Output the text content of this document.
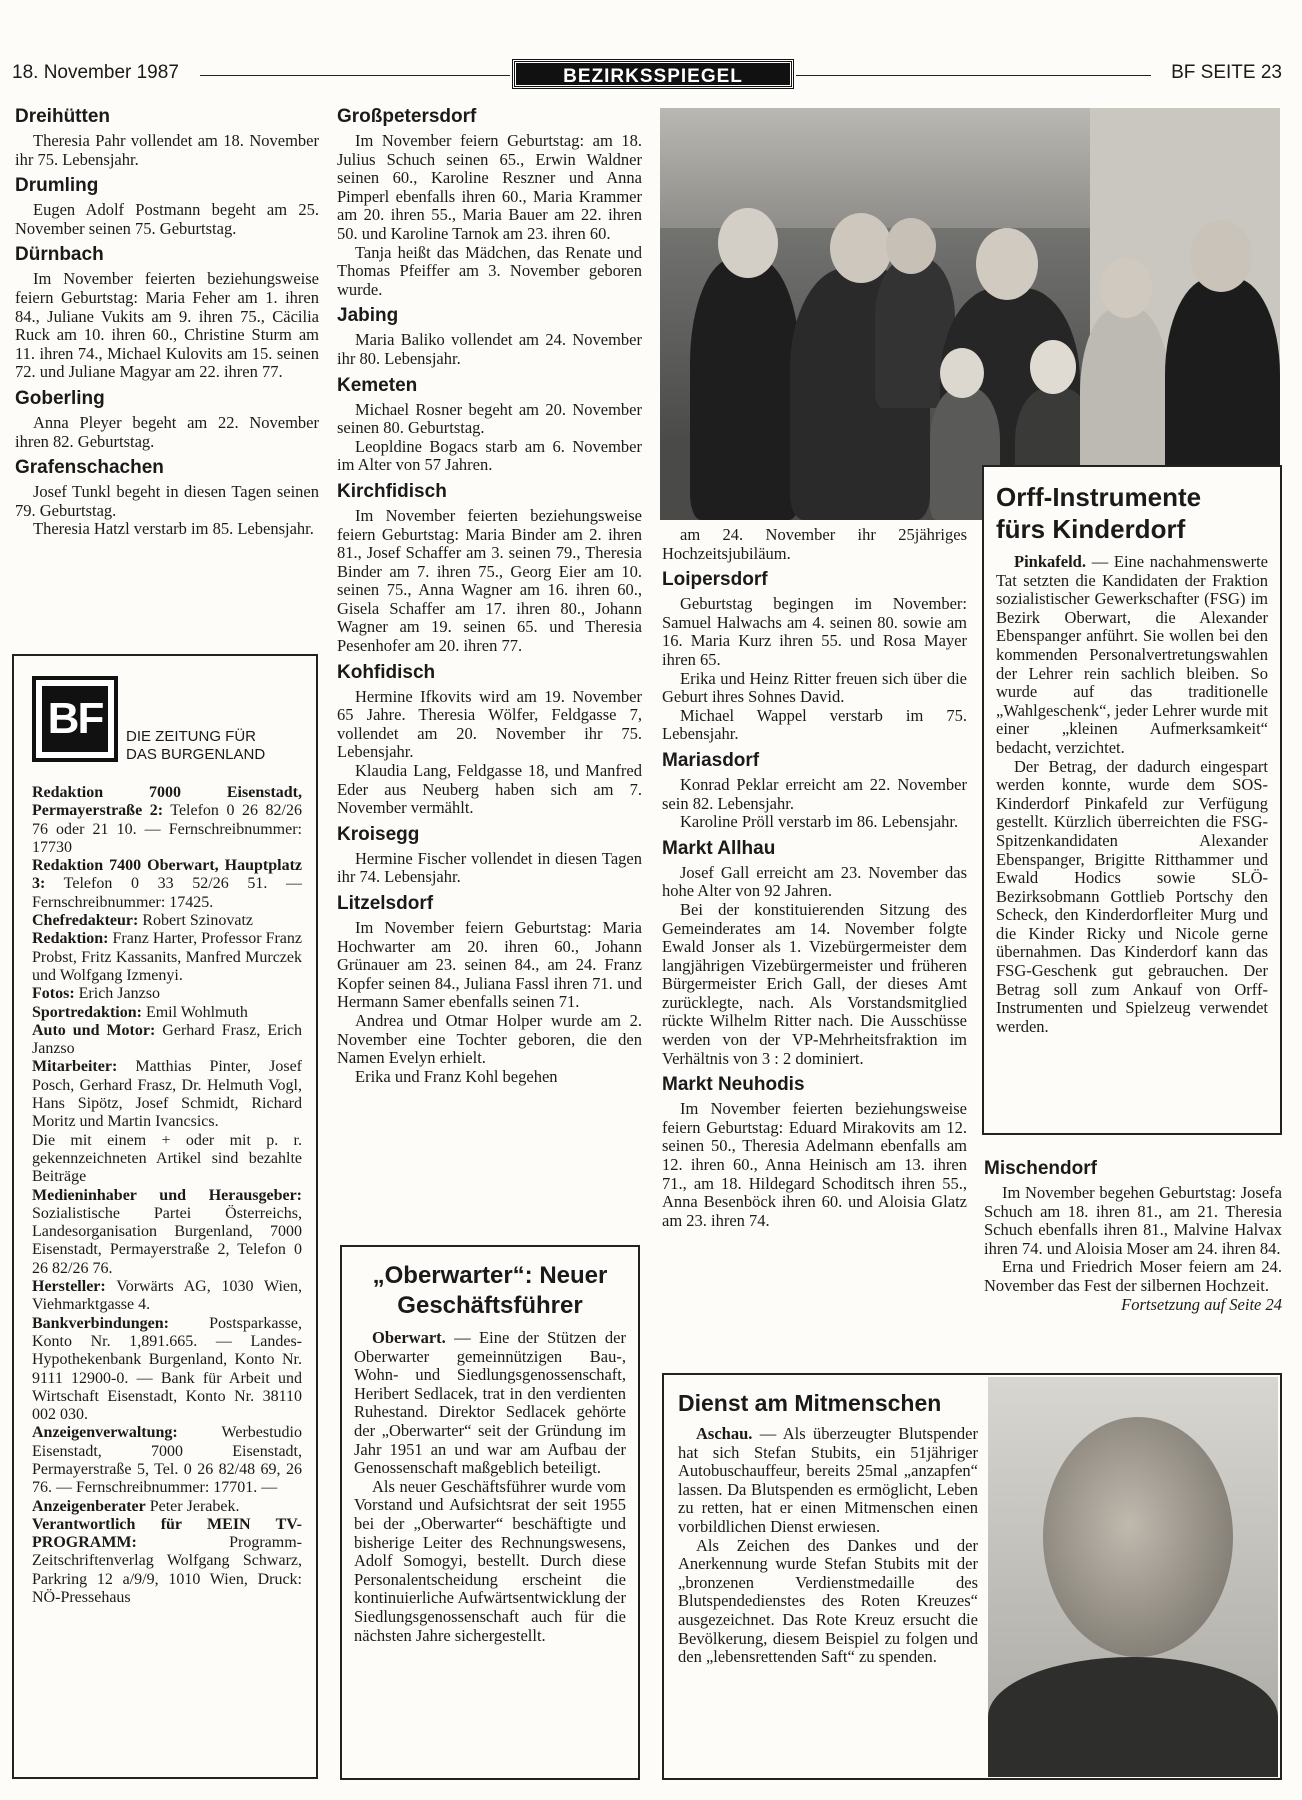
18. November 1987	BEZIRKSSPIEGEL	BF SEITE 23
Dreihütten

Theresia Pahr vollendet am 18. November ihr 75. Lebensjahr.

Drumling

Eugen Adolf Postmann begeht am 25. November seinen 75. Geburtstag.

Dürnbach

Im November feierten beziehungsweise feiern Geburtstag: Maria Feher am 1. ihren 84., Juliane Vukits am 9. ihren 75., Cäcilia Ruck am 10. ihren 60., Christine Sturm am 11. ihren 74., Michael Kulovits am 15. seinen 72. und Juliane Magyar am 22. ihren 77.

Goberling

Anna Pleyer begeht am 22. November ihren 82. Geburtstag.

Grafenschachen

Josef Tunkl begeht in diesen Tagen seinen 79. Geburtstag.

Theresia Hatzl verstarb im 85. Lebensjahr.

BF	DIE ZEITUNG FÜR
DAS BURGENLAND

Redaktion 7000 Eisenstadt, Permayerstraße 2: Telefon 0 26 82/26 76 oder 21 10. — Fernschreibnummer: 17730

Redaktion 7400 Oberwart, Hauptplatz 3: Telefon 0 33 52/26 51. — Fernschreibnummer: 17425.

Chefredakteur: Robert Szinovatz

Redaktion: Franz Harter, Professor Franz Probst, Fritz Kassanits, Manfred Murczek und Wolfgang Izmenyi.

Fotos: Erich Janzso

Sportredaktion: Emil Wohlmuth

Auto und Motor: Gerhard Frasz, Erich Janzso

Mitarbeiter: Matthias Pinter, Josef Posch, Gerhard Frasz, Dr. Helmuth Vogl, Hans Sipötz, Josef Schmidt, Richard Moritz und Martin Ivancsics.

Die mit einem + oder mit p. r. gekennzeichneten Artikel sind bezahlte Beiträge

Medieninhaber und Herausgeber: Sozialistische Partei Österreichs, Landesorganisation Burgenland, 7000 Eisenstadt, Permayerstraße 2, Telefon 0 26 82/26 76.

Hersteller: Vorwärts AG, 1030 Wien, Viehmarktgasse 4.

Bankverbindungen: Postsparkasse, Konto Nr. 1,891.665. — Landes-Hypothekenbank Burgenland, Konto Nr. 9111 12900-0. — Bank für Arbeit und Wirtschaft Eisenstadt, Konto Nr. 38110 002 030.

Anzeigenverwaltung: Werbestudio Eisenstadt, 7000 Eisenstadt, Permayerstraße 5, Tel. 0 26 82/48 69, 26 76. — Fernschreibnummer: 17701. —

Anzeigenberater Peter Jerabek.

Verantwortlich für MEIN TV-PROGRAMM: Programm-Zeitschriftenverlag Wolfgang Schwarz, Parkring 12 a/9/9, 1010 Wien, Druck: NÖ-Pressehaus

Großpetersdorf

Im November feiern Geburtstag: am 18. Julius Schuch seinen 65., Erwin Waldner seinen 60., Karoline Reszner und Anna Pimperl ebenfalls ihren 60., Maria Krammer am 20. ihren 55., Maria Bauer am 22. ihren 50. und Karoline Tarnok am 23. ihren 60.

Tanja heißt das Mädchen, das Renate und Thomas Pfeiffer am 3. November geboren wurde.

Jabing

Maria Baliko vollendet am 24. November ihr 80. Lebensjahr.

Kemeten

Michael Rosner begeht am 20. November seinen 80. Geburtstag.

Leopldine Bogacs starb am 6. November im Alter von 57 Jahren.

Kirchfidisch

Im November feierten beziehungsweise feiern Geburtstag: Maria Binder am 2. ihren 81., Josef Schaffer am 3. seinen 79., Theresia Binder am 7. ihren 75., Georg Eier am 10. seinen 75., Anna Wagner am 16. ihren 60., Gisela Schaffer am 17. ihren 80., Johann Wagner am 19. seinen 65. und Theresia Pesenhofer am 20. ihren 77.

Kohfidisch

Hermine Ifkovits wird am 19. November 65 Jahre. Theresia Wölfer, Feldgasse 7, vollendet am 20. November ihr 75. Lebensjahr.

Klaudia Lang, Feldgasse 18, und Manfred Eder aus Neuberg haben sich am 7. November vermählt.

Kroisegg

Hermine Fischer vollendet in diesen Tagen ihr 74. Lebensjahr.

Litzelsdorf

Im November feiern Geburtstag: Maria Hochwarter am 20. ihren 60., Johann Grünauer am 23. seinen 84., am 24. Franz Kopfer seinen 84., Juliana Fassl ihren 71. und Hermann Samer ebenfalls seinen 71.

Andrea und Otmar Holper wurde am 2. November eine Tochter geboren, die den Namen Evelyn erhielt.

Erika und Franz Kohl begehen

„Oberwarter“: Neuer
Geschäftsführer

Oberwart. — Eine der Stützen der Oberwarter gemeinnützigen Bau-, Wohn- und Siedlungsgenossenschaft, Heribert Sedlacek, trat in den verdienten Ruhestand. Direktor Sedlacek gehörte der „Oberwarter“ seit der Gründung im Jahr 1951 an und war am Aufbau der Genossenschaft maßgeblich beteiligt.

Als neuer Geschäftsführer wurde vom Vorstand und Aufsichtsrat der seit 1955 bei der „Oberwarter“ beschäftigte und bisherige Leiter des Rechnungswesens, Adolf Somogyi, bestellt. Durch diese Personalentscheidung erscheint die kontinuierliche Aufwärtsentwicklung der Siedlungsgenossenschaft auch für die nächsten Jahre sichergestellt.

am 24. November ihr 25jähriges Hochzeitsjubiläum.

Loipersdorf

Geburtstag begingen im November: Samuel Halwachs am 4. seinen 80. sowie am 16. Maria Kurz ihren 55. und Rosa Mayer ihren 65.

Erika und Heinz Ritter freuen sich über die Geburt ihres Sohnes David.

Michael Wappel verstarb im 75. Lebensjahr.

Mariasdorf

Konrad Peklar erreicht am 22. November sein 82. Lebensjahr.

Karoline Pröll verstarb im 86. Lebensjahr.

Markt Allhau

Josef Gall erreicht am 23. November das hohe Alter von 92 Jahren.

Bei der konstituierenden Sitzung des Gemeinderates am 14. November folgte Ewald Jonser als 1. Vizebürgermeister dem langjährigen Vizebürgermeister und früheren Bürgermeister Erich Gall, der dieses Amt zurücklegte, nach. Als Vorstandsmitglied rückte Wilhelm Ritter nach. Die Ausschüsse werden von der VP-Mehrheitsfraktion im Verhältnis von 3 : 2 dominiert.

Markt Neuhodis

Im November feierten beziehungsweise feiern Geburtstag: Eduard Mirakovits am 12. seinen 50., Theresia Adelmann ebenfalls am 12. ihren 60., Anna Heinisch am 13. ihren 71., am 18. Hildegard Schoditsch ihren 55., Anna Besenböck ihren 60. und Aloisia Glatz am 23. ihren 74.

Orff-Instrumente
fürs Kinderdorf

Pinkafeld. — Eine nachahmenswerte Tat setzten die Kandidaten der Fraktion sozialistischer Gewerkschafter (FSG) im Bezirk Oberwart, die Alexander Ebenspanger anführt. Sie wollen bei den kommenden Personalvertretungswahlen der Lehrer rein sachlich bleiben. So wurde auf das traditionelle „Wahlgeschenk“, jeder Lehrer wurde mit einer „kleinen Aufmerksamkeit“ bedacht, verzichtet.

Der Betrag, der dadurch eingespart werden konnte, wurde dem SOS-Kinderdorf Pinkafeld zur Verfügung gestellt. Kürzlich überreichten die FSG-Spitzenkandidaten Alexander Ebenspanger, Brigitte Ritthammer und Ewald Hodics sowie SLÖ-Bezirksobmann Gottlieb Portschy den Scheck, den Kinderdorfleiter Murg und die Kinder Ricky und Nicole gerne übernahmen. Das Kinderdorf kann das FSG-Geschenk gut gebrauchen. Der Betrag soll zum Ankauf von Orff-Instrumenten und Spielzeug verwendet werden.

Mischendorf

Im November begehen Geburtstag: Josefa Schuch am 18. ihren 81., am 21. Theresia Schuch ebenfalls ihren 81., Malvine Halvax ihren 74. und Aloisia Moser am 24. ihren 84.

Erna und Friedrich Moser feiern am 24. November das Fest der silbernen Hochzeit.

Fortsetzung auf Seite 24
Dienst am Mitmenschen

Aschau. — Als überzeugter Blutspender hat sich Stefan Stubits, ein 51jähriger Autobuschauffeur, bereits 25mal „anzapfen“ lassen. Da Blutspenden es ermöglicht, Leben zu retten, hat er einen Mitmenschen einen vorbildlichen Dienst erwiesen.

Als Zeichen des Dankes und der Anerkennung wurde Stefan Stubits mit der „bronzenen Verdienstmedaille des Blutspendedienstes des Roten Kreuzes“ ausgezeichnet. Das Rote Kreuz ersucht die Bevölkerung, diesem Beispiel zu folgen und den „lebensrettenden Saft“ zu spenden.
